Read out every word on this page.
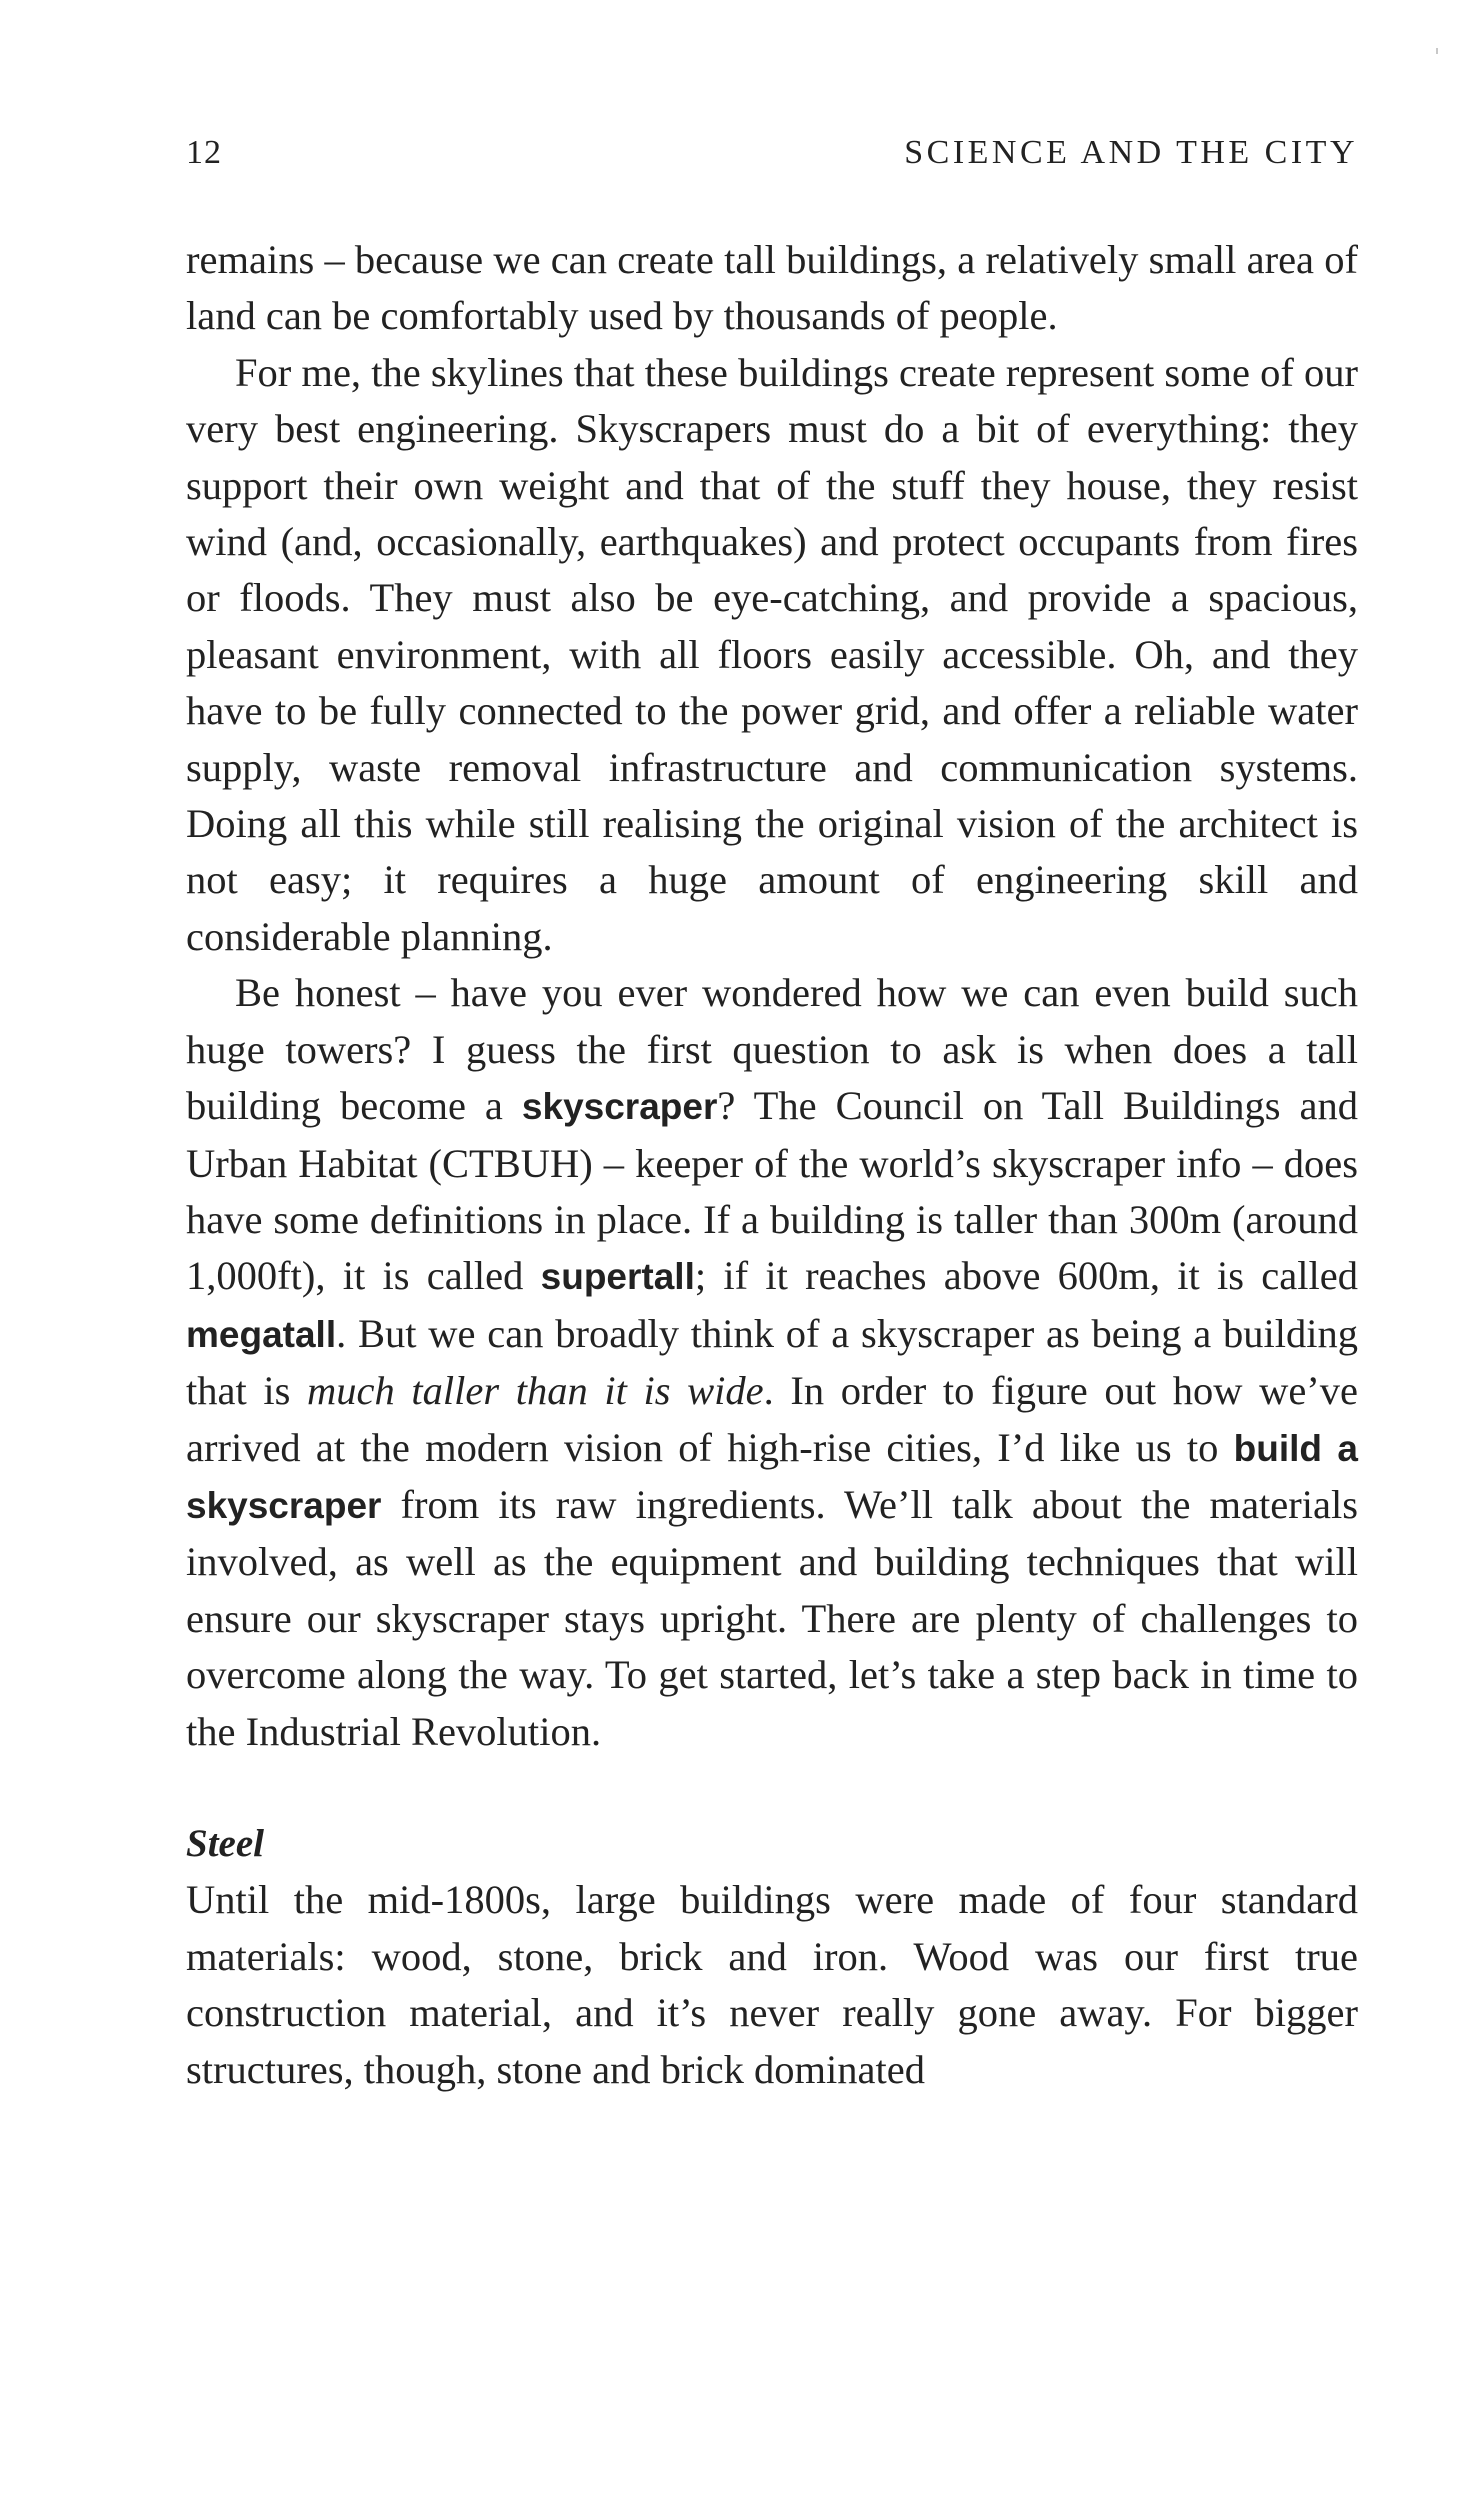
12	SCIENCE AND THE CITY

remains – because we can create tall buildings, a relatively small area of land can be comfortably used by thousands of people.

For me, the skylines that these buildings create represent some of our very best engineering. Skyscrapers must do a bit of everything: they support their own weight and that of the stuff they house, they resist wind (and, occasionally, earthquakes) and protect occupants from fires or floods. They must also be eye-catching, and provide a spacious, pleasant environment, with all floors easily accessible. Oh, and they have to be fully connected to the power grid, and offer a reliable water supply, waste removal infrastructure and communication systems. Doing all this while still realising the original vision of the architect is not easy; it requires a huge amount of engineering skill and considerable planning.

Be honest – have you ever wondered how we can even build such huge towers? I guess the first question to ask is when does a tall building become a skyscraper? The Council on Tall Buildings and Urban Habitat (CTBUH) – keeper of the world’s skyscraper info – does have some definitions in place. If a building is taller than 300m (around 1,000ft), it is called supertall; if it reaches above 600m, it is called megatall. But we can broadly think of a skyscraper as being a building that is much taller than it is wide. In order to figure out how we’ve arrived at the modern vision of high-rise cities, I’d like us to build a skyscraper from its raw ingredients. We’ll talk about the materials involved, as well as the equipment and building techniques that will ensure our skyscraper stays upright. There are plenty of challenges to overcome along the way. To get started, let’s take a step back in time to the Industrial Revolution.

Steel

Until the mid-1800s, large buildings were made of four standard materials: wood, stone, brick and iron. Wood was our first true construction material, and it’s never really gone away. For bigger structures, though, stone and brick dominated
